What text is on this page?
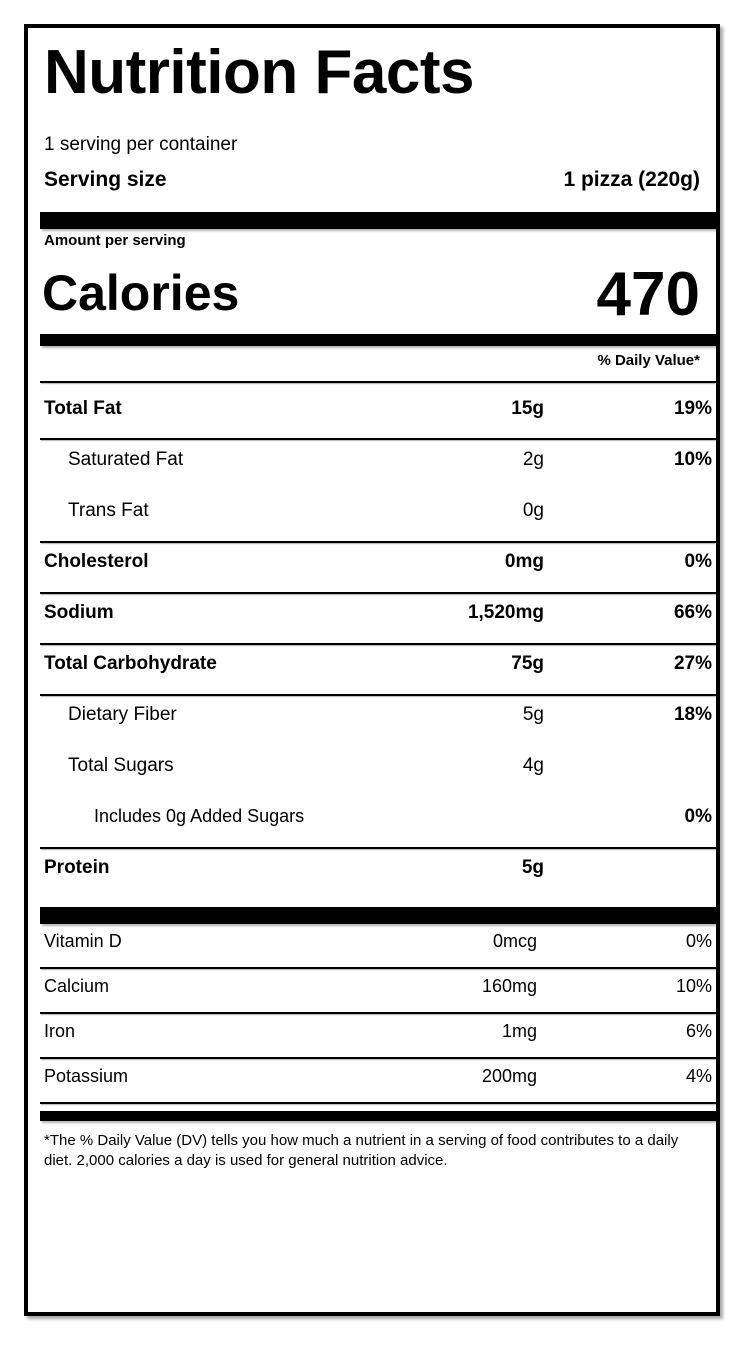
Nutrition Facts
1 serving per container
Serving size	1 pizza (220g)
Amount per serving
Calories	470
% Daily Value*
Total Fat	15g	19%
Saturated Fat	2g	10%
Trans Fat	0g
Cholesterol	0mg	0%
Sodium	1,520mg	66%
Total Carbohydrate	75g	27%
Dietary Fiber	5g	18%
Total Sugars	4g
Includes 0g Added Sugars	0%
Protein	5g
Vitamin D	0mcg	0%
Calcium	160mg	10%
Iron	1mg	6%
Potassium	200mg	4%
*The % Daily Value (DV) tells you how much a nutrient in a serving of food contributes to a daily diet. 2,000 calories a day is used for general nutrition advice.
